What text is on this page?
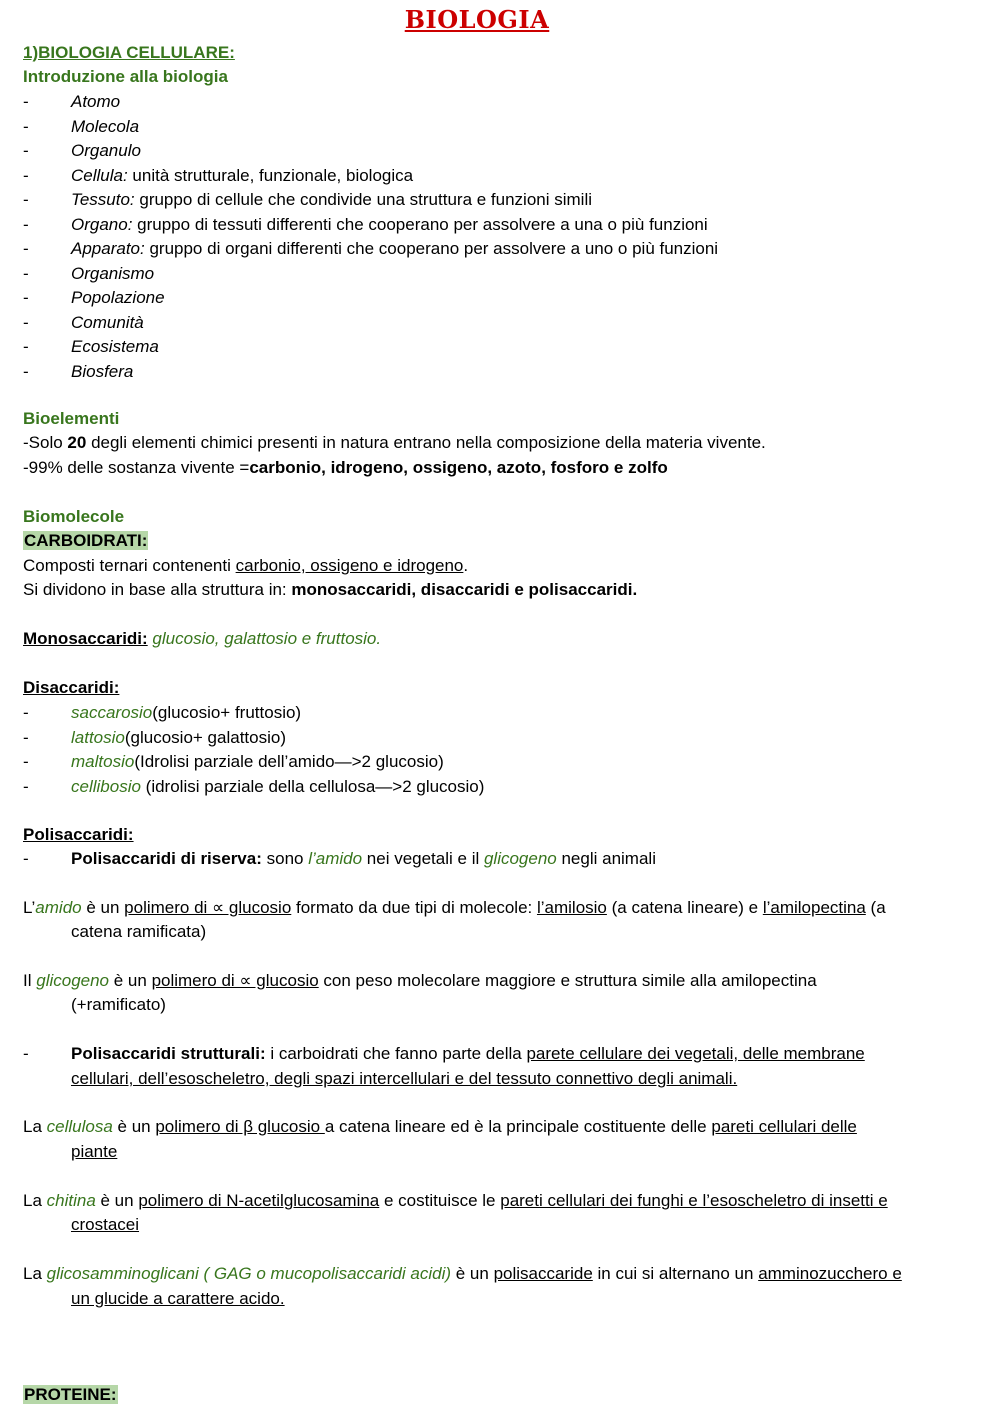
BIOLOGIA
1)BIOLOGIA CELLULARE:
Introduzione alla biologia
-	Atomo
-	Molecola
-	Organulo
-	Cellula: unità strutturale, funzionale, biologica
-	Tessuto: gruppo di cellule che condivide una struttura e funzioni simili
-	Organo: gruppo di tessuti differenti che cooperano per assolvere a una o più funzioni
-	Apparato: gruppo di organi differenti che cooperano per assolvere a uno o più funzioni
-	Organismo
-	Popolazione
-	Comunità
-	Ecosistema
-	Biosfera
Bioelementi
-Solo 20 degli elementi chimici presenti in natura entrano nella composizione della materia vivente.
-99% delle sostanza vivente =carbonio, idrogeno, ossigeno, azoto, fosforo e zolfo
Biomolecole
CARBOIDRATI:
Composti ternari contenenti carbonio, ossigeno e idrogeno.
Si dividono in base alla struttura in: monosaccaridi, disaccaridi e polisaccaridi.
Monosaccaridi: glucosio, galattosio e fruttosio.
Disaccaridi:
-	saccarosio(glucosio+ fruttosio)
-	lattosio(glucosio+ galattosio)
-	maltosio(Idrolisi parziale dell’amido—>2 glucosio)
-	cellibosio (idrolisi parziale della cellulosa—>2 glucosio)
Polisaccaridi:
-	Polisaccaridi di riserva: sono l’amido nei vegetali e il glicogeno negli animali
L’amido è un polimero di ∝ glucosio formato da due tipi di molecole: l’amilosio (a catena lineare) e l’amilopectina (a
catena ramificata)
Il glicogeno è un polimero di ∝ glucosio con peso molecolare maggiore e struttura simile alla amilopectina
(+ramificato)
-	Polisaccaridi strutturali: i carboidrati che fanno parte della parete cellulare dei vegetali, delle membrane
cellulari, dell’esoscheletro, degli spazi intercellulari e del tessuto connettivo degli animali.
La cellulosa è un polimero di β glucosio a catena lineare ed è la principale costituente delle pareti cellulari delle
piante
La chitina è un polimero di N-acetilglucosamina e costituisce le pareti cellulari dei funghi e l’esoscheletro di insetti e
crostacei
La glicosamminoglicani ( GAG o mucopolisaccaridi acidi) è un polisaccaride in cui si alternano un amminozucchero e
un glucide a carattere acido.
PROTEINE:
